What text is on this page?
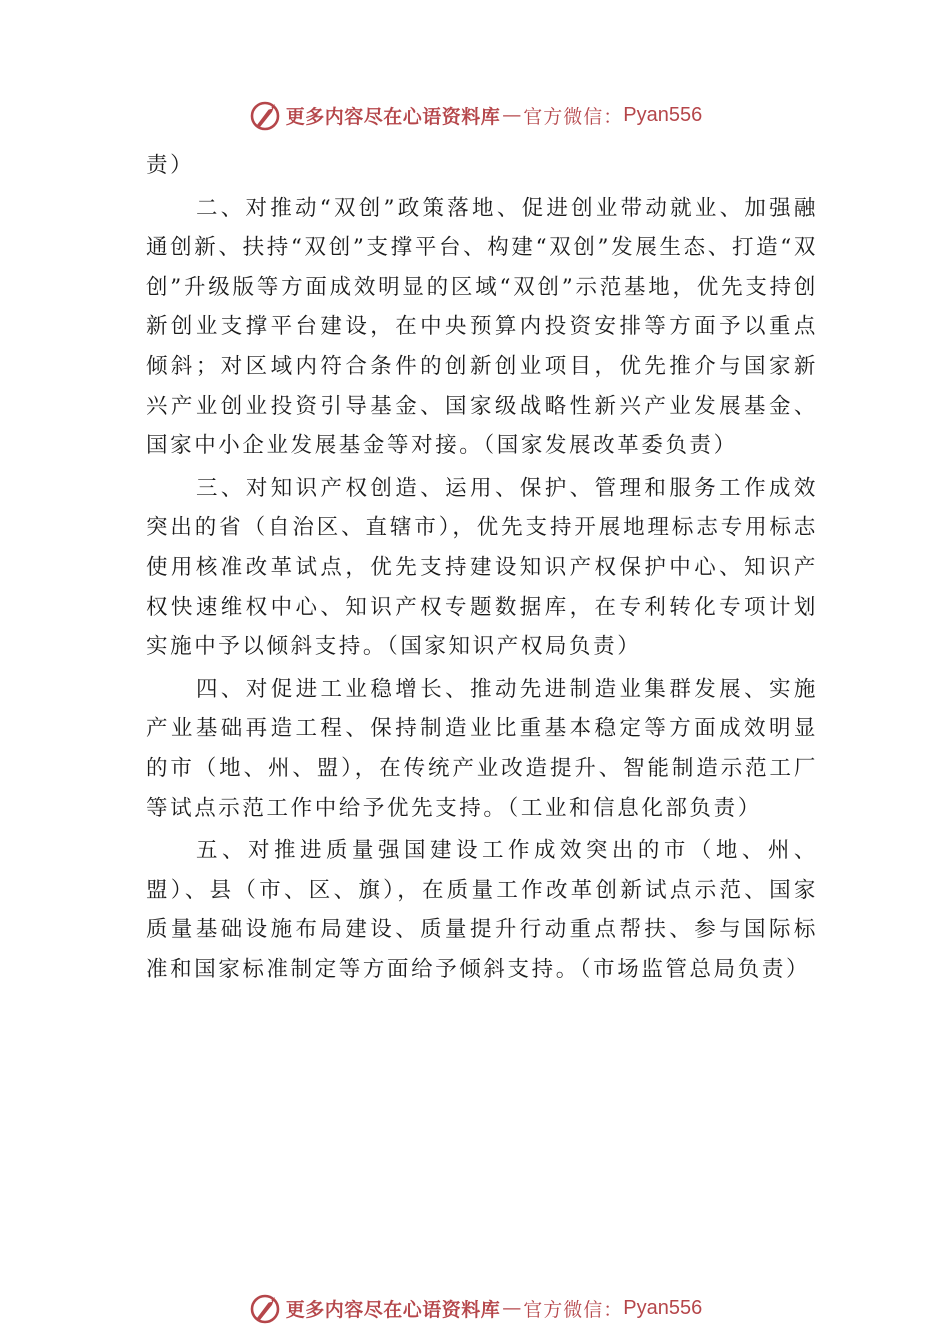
更多内容尽在心语资料库 — 官方微信： Pyan556

责）

二、对推动“双创”政策落地、促进创业带动就业、加强融通创新、扶持“双创”支撑平台、构建“双创”发展生态、打造“双创”升级版等方面成效明显的区域“双创”示范基地，优先支持创新创业支撑平台建设，在中央预算内投资安排等方面予以重点倾斜；对区域内符合条件的创新创业项目，优先推介与国家新兴产业创业投资引导基金、国家级战略性新兴产业发展基金、国家中小企业发展基金等对接。（国家发展改革委负责）

三、对知识产权创造、运用、保护、管理和服务工作成效突出的省（自治区、直辖市），优先支持开展地理标志专用标志使用核准改革试点，优先支持建设知识产权保护中心、知识产权快速维权中心、知识产权专题数据库，在专利转化专项计划实施中予以倾斜支持。（国家知识产权局负责）

四、对促进工业稳增长、推动先进制造业集群发展、实施产业基础再造工程、保持制造业比重基本稳定等方面成效明显的市（地、州、盟），在传统产业改造提升、智能制造示范工厂等试点示范工作中给予优先支持。（工业和信息化部负责）

五、对推进质量强国建设工作成效突出的市（地、州、盟）、县（市、区、旗），在质量工作改革创新试点示范、国家质量基础设施布局建设、质量提升行动重点帮扶、参与国际标准和国家标准制定等方面给予倾斜支持。（市场监管总局负责）

更多内容尽在心语资料库 — 官方微信： Pyan556
